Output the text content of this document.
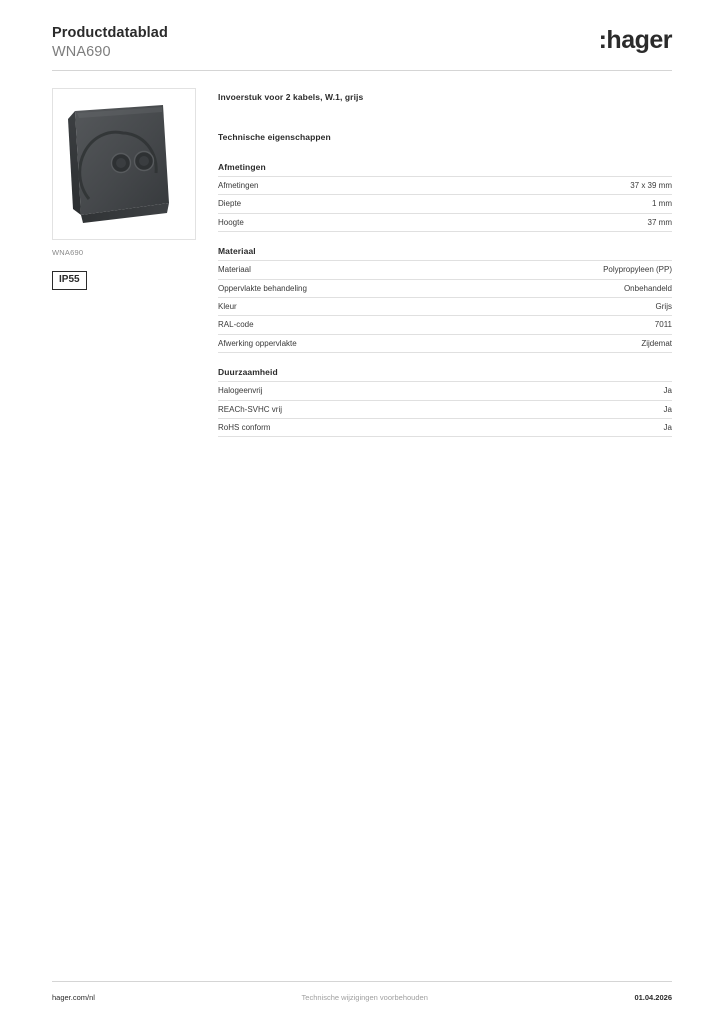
Productdatablad
WNA690	:hager
WNA690
IP55
Invoerstuk voor 2 kabels, W.1, grijs
Technische eigenschappen
Afmetingen
Afmetingen	37 x 39 mm
Diepte	1 mm
Hoogte	37 mm
Materiaal
Materiaal	Polypropyleen (PP)
Oppervlakte behandeling	Onbehandeld
Kleur	Grijs
RAL-code	7011
Afwerking oppervlakte	Zijdemat
Duurzaamheid
Halogeenvrij	Ja
REACh-SVHC vrij	Ja
RoHS conform	Ja
hager.com/nl	Technische wijzigingen voorbehouden	01.04.2026
